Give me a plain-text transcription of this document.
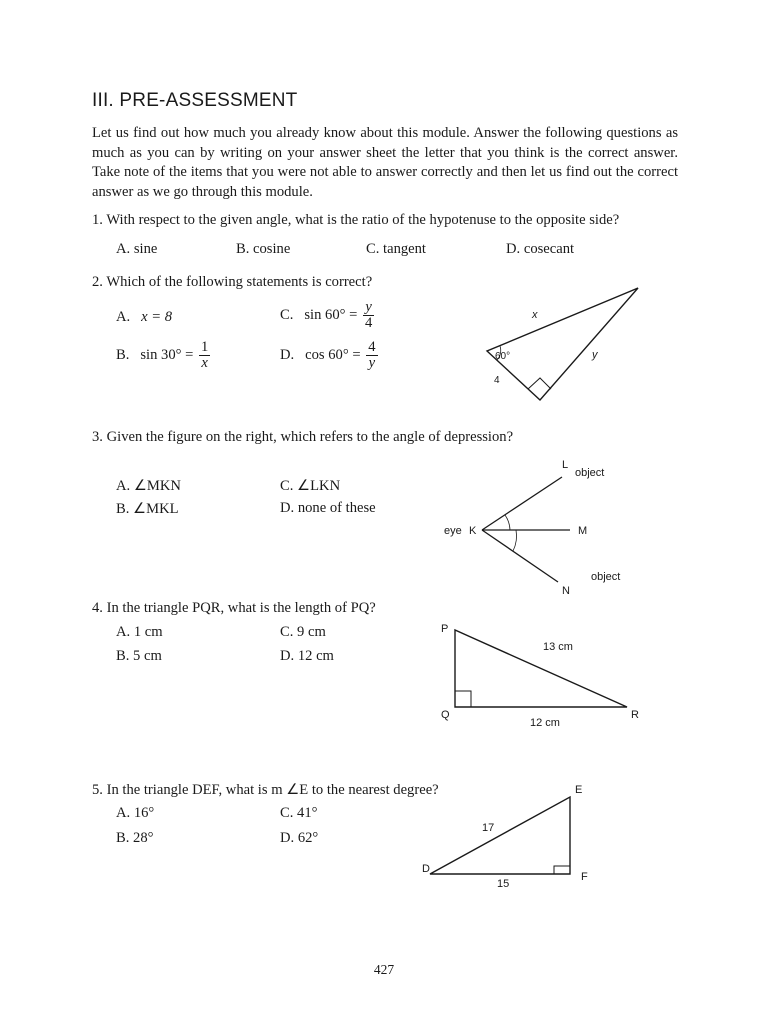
III. PRE-ASSESSMENT
Let us find out how much you already know about this module. Answer the following questions as much as you can by writing on your answer sheet the letter that you think is the correct answer. Take note of the items that you were not able to answer correctly and then let us find out the correct answer as we go through this module.
1. With respect to the given angle, what is the ratio of the hypotenuse to the opposite side?
A. sine	B. cosine	C. tangent	D. cosecant
2. Which of the following statements is correct?
A. x = 8
B. $\sin 30^\circ = \frac{1}{x}$
C. $\sin 60^\circ = \frac{y}{4}$
D. $\cos 60^\circ = \frac{4}{y}$
x
y
60°
4
3. Given the figure on the right, which refers to the angle of depression?
A. ∠MKN
B. ∠MKL
C. ∠LKN
D. none of these
L
object
eye K	M
N
object
4. In the triangle PQR, what is the length of PQ?
A. 1 cm
B. 5 cm
C. 9 cm
D. 12 cm
P
Q	R
13 cm
12 cm
5. In the triangle DEF, what is m ∠E to the nearest degree?
A. 16°
B. 28°
C. 41°
D. 62°
E
D
F
17
15
427
